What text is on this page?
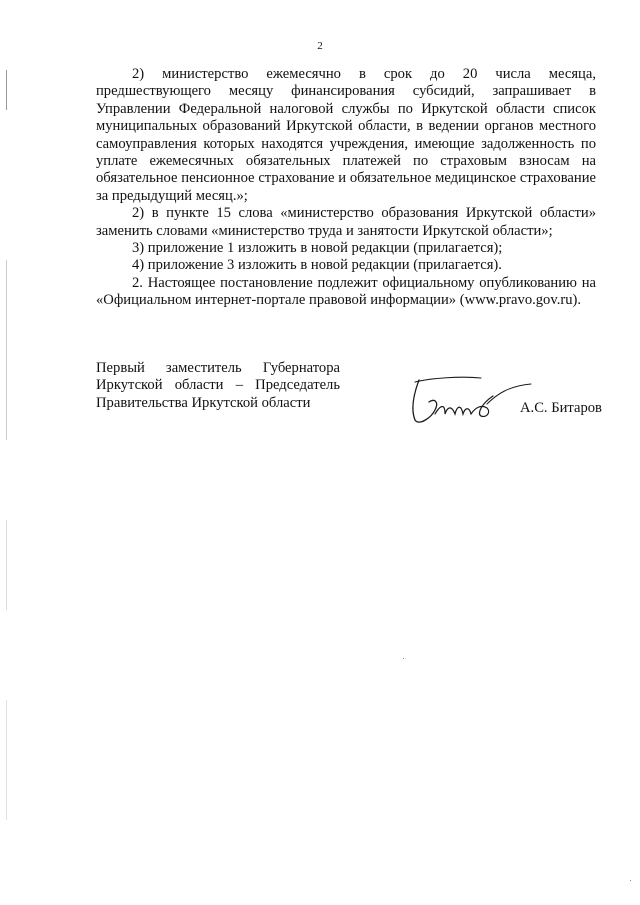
2

2) министерство ежемесячно в срок до 20 числа месяца, предшествующего месяцу финансирования субсидий, запрашивает в Управлении Федеральной налоговой службы по Иркутской области список муниципальных образований Иркутской области, в ведении органов местного самоуправления которых находятся учреждения, имеющие задолженность по уплате ежемесячных обязательных платежей по страховым взносам на обязательное пенсионное страхование и обязательное медицинское страхование за предыдущий месяц.»;

2) в пункте 15 слова «министерство образования Иркутской области» заменить словами «министерство труда и занятости Иркутской области»;

3) приложение 1 изложить в новой редакции (прилагается);

4) приложение 3 изложить в новой редакции (прилагается).

2. Настоящее постановление подлежит официальному опубликованию на «Официальном интернет-портале правовой информации» (www.pravo.gov.ru).

Первый заместитель Губернатора
Иркутской области – Председатель
Правительства Иркутской области	А.С. Битаров
